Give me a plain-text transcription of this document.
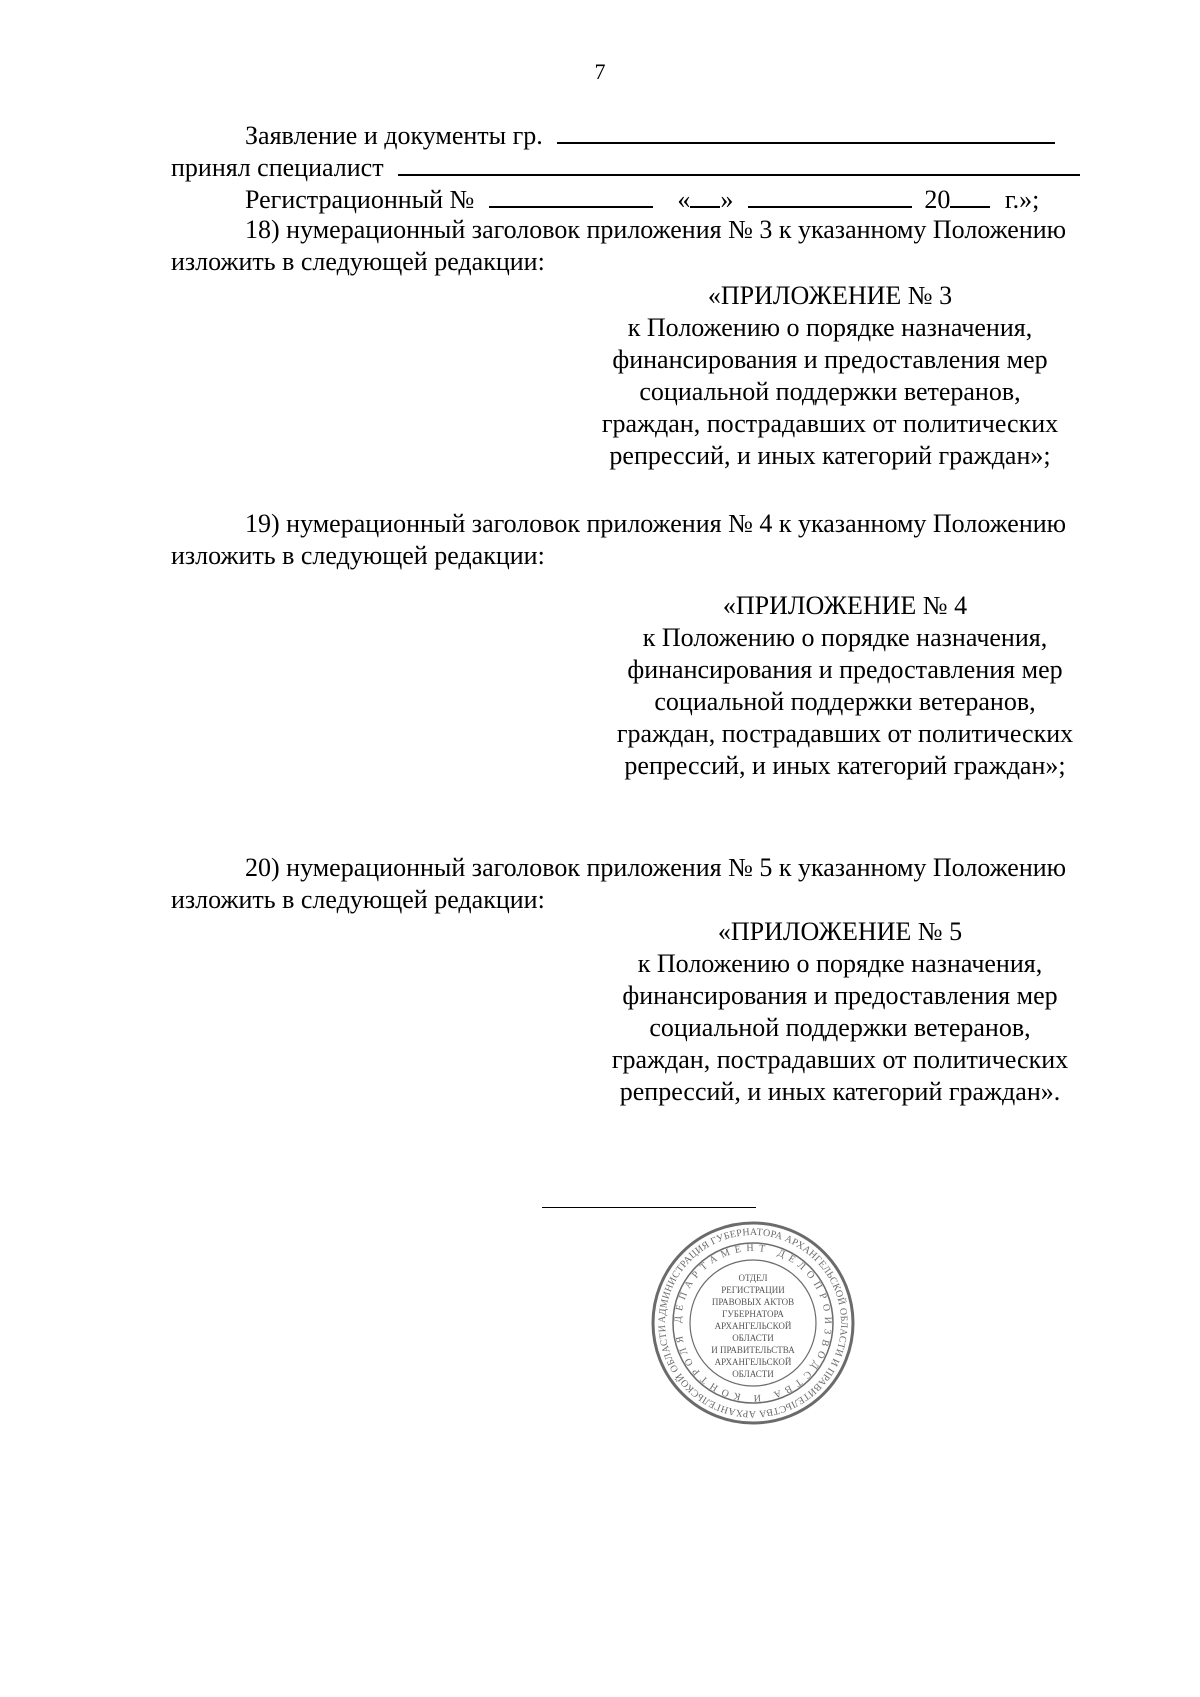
7
Заявление и документы гр.
принял специалист
Регистрационный №	« »	20 г.»;
18) нумерационный заголовок приложения № 3 к указанному Положению
изложить в следующей редакции:
«ПРИЛОЖЕНИЕ № 3
к Положению о порядке назначения,
финансирования и предоставления мер
социальной поддержки ветеранов,
граждан, пострадавших от политических
репрессий, и иных категорий граждан»;
19) нумерационный заголовок приложения № 4 к указанному Положению
изложить в следующей редакции:
«ПРИЛОЖЕНИЕ № 4
к Положению о порядке назначения,
финансирования и предоставления мер
социальной поддержки ветеранов,
граждан, пострадавших от политических
репрессий, и иных категорий граждан»;
20) нумерационный заголовок приложения № 5 к указанному Положению
изложить в следующей редакции:
«ПРИЛОЖЕНИЕ № 5
к Положению о порядке назначения,
финансирования и предоставления мер
социальной поддержки ветеранов,
граждан, пострадавших от политических
репрессий, и иных категорий граждан».
АДМИНИСТРАЦИЯ ГУБЕРНАТОРА АРХАНГЕЛЬСКОЙ ОБЛАСТИ И ПРАВИТЕЛЬСТВА АРХАНГЕЛЬСКОЙ ОБЛАСТИ
ДЕПАРТАМЕНТ ДЕЛОПРОИЗВОДСТВА И КОНТРОЛЯ
ОТДЕЛ
РЕГИСТРАЦИИ
ПРАВОВЫХ АКТОВ
ГУБЕРНАТОРА
АРХАНГЕЛЬСКОЙ
ОБЛАСТИ
И ПРАВИТЕЛЬСТВА
АРХАНГЕЛЬСКОЙ
ОБЛАСТИ
